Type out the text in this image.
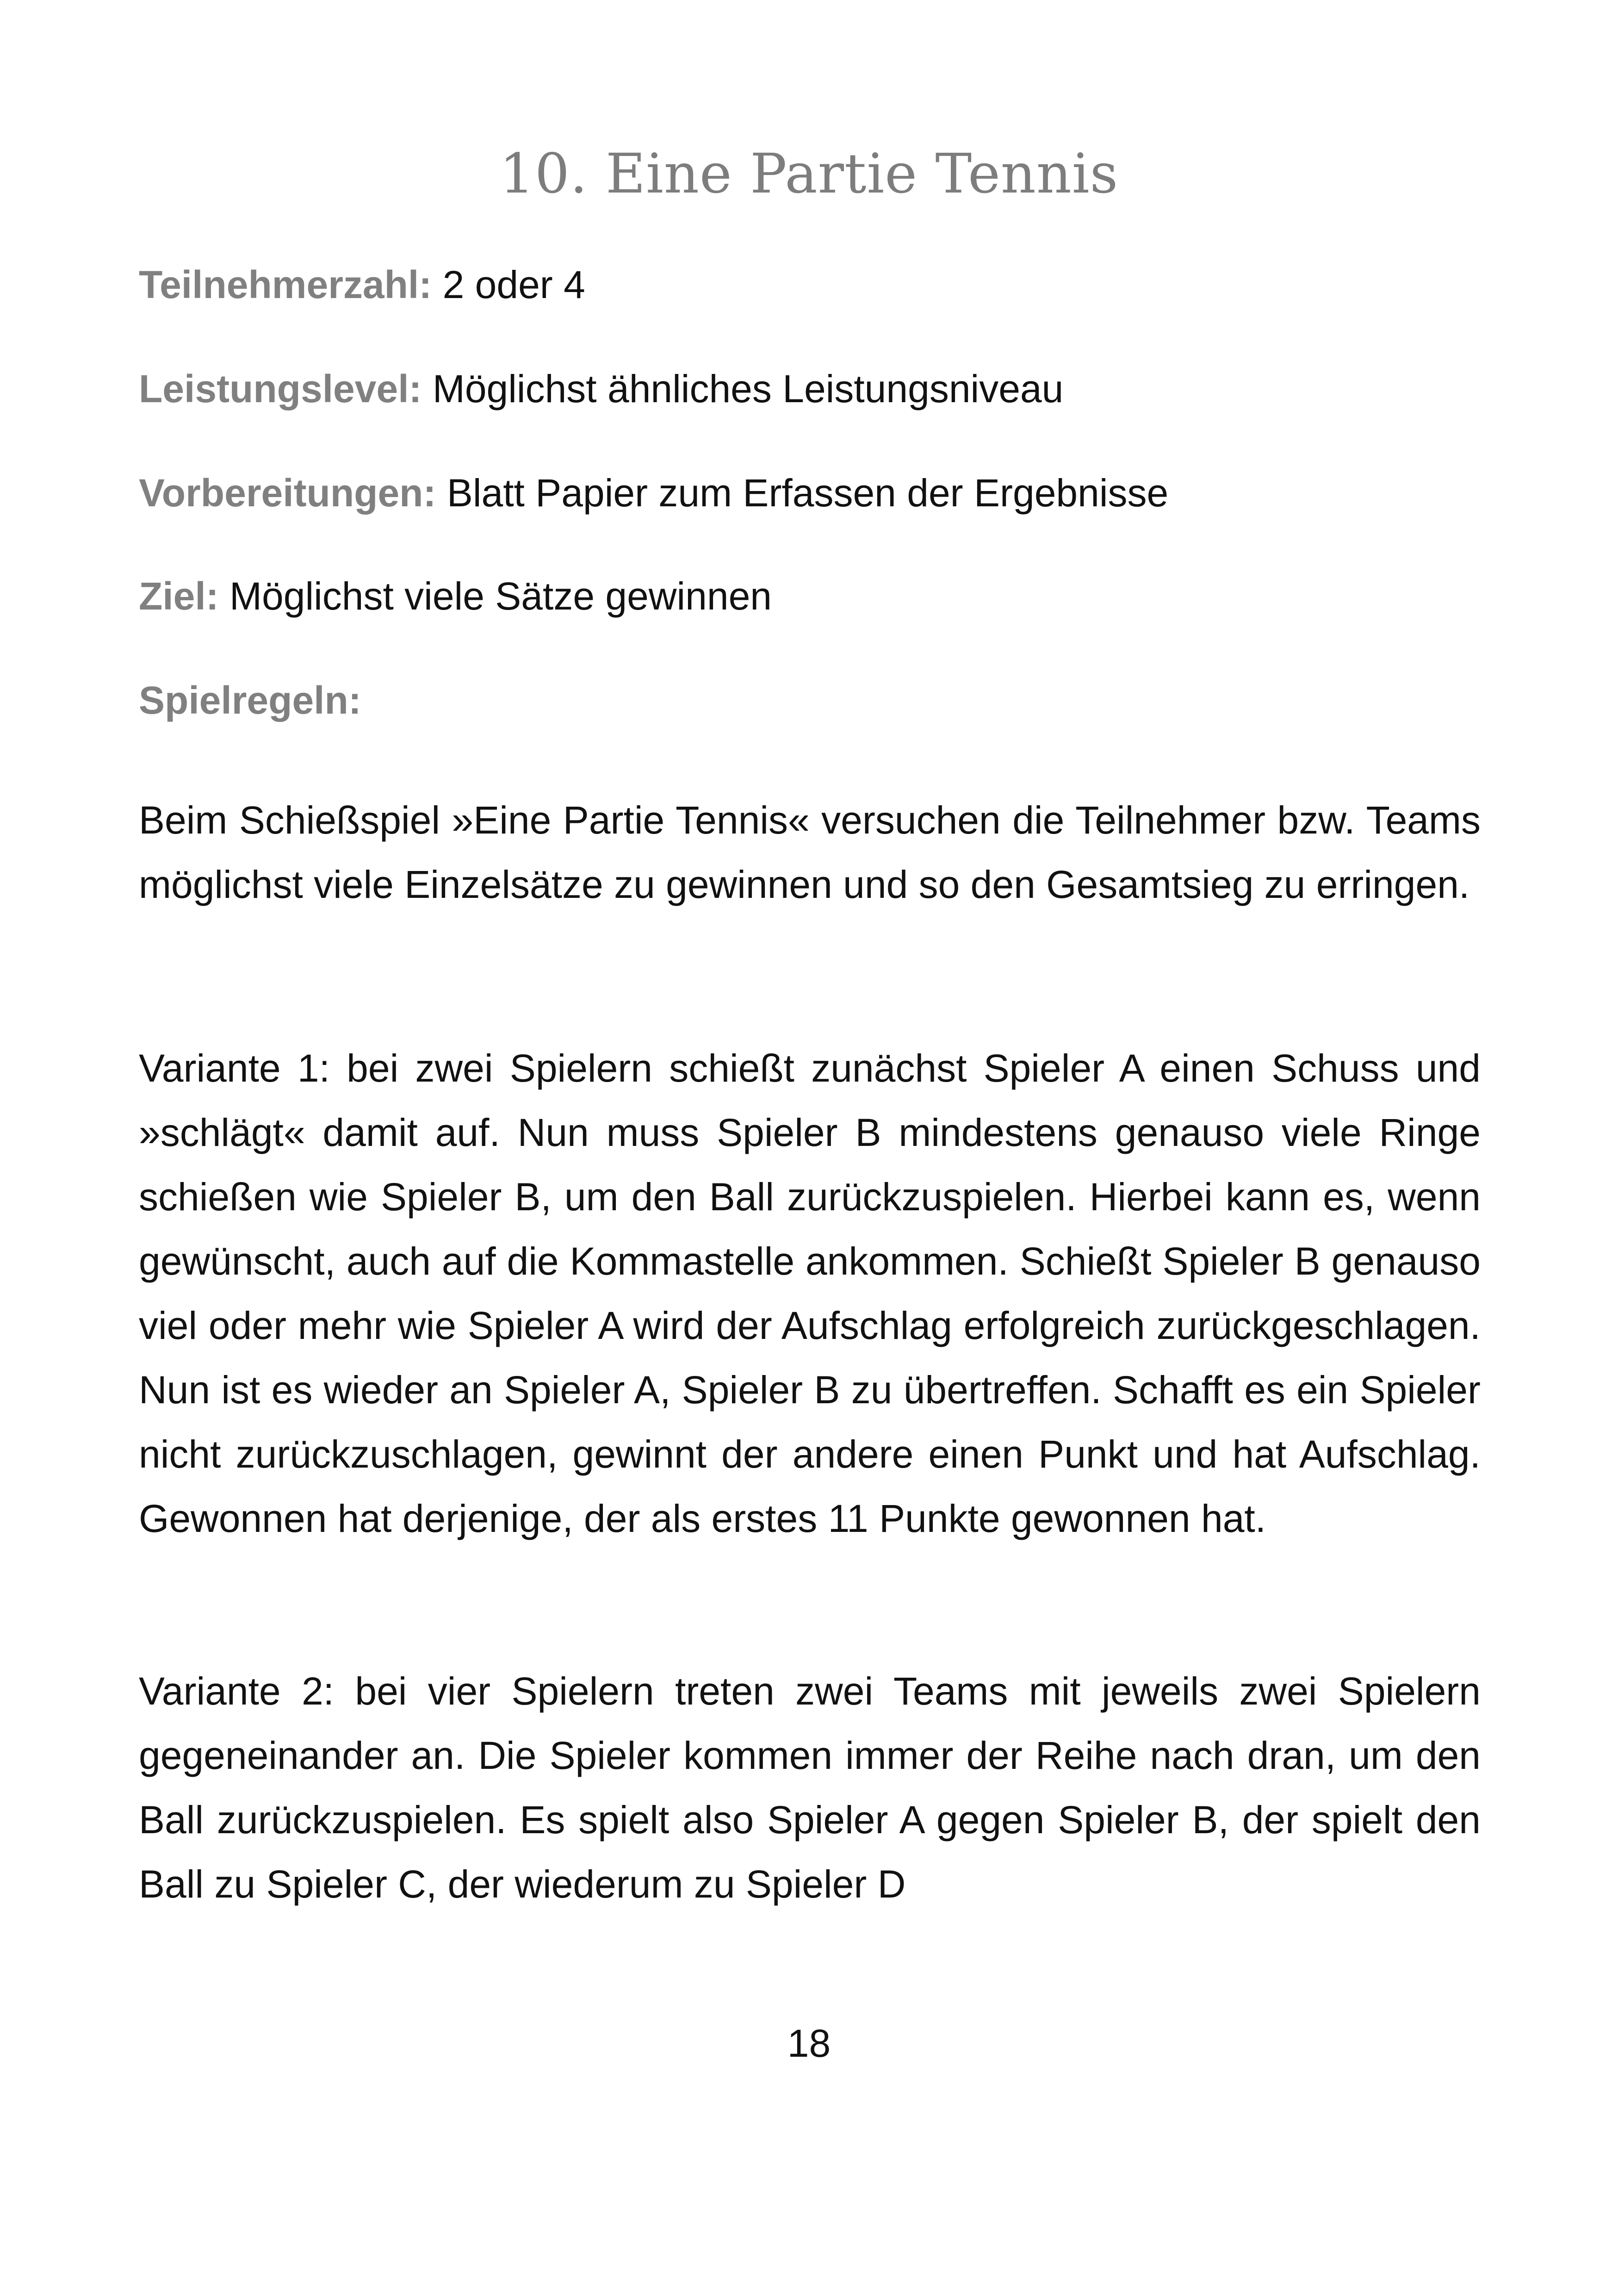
10. Eine Partie Tennis
Teilnehmerzahl: 2 oder 4
Leistungslevel: Möglichst ähnliches Leistungsniveau
Vorbereitungen: Blatt Papier zum Erfassen der Ergebnisse
Ziel: Möglichst viele Sätze gewinnen
Spielregeln:

Beim Schießspiel »Eine Partie Tennis« versuchen die Teilnehmer bzw. Teams möglichst viele Einzelsätze zu gewinnen und so den Gesamtsieg zu erringen.

Variante 1: bei zwei Spielern schießt zunächst Spieler A einen Schuss und »schlägt« damit auf. Nun muss Spieler B mindestens genauso viele Ringe schießen wie Spieler B, um den Ball zurückzuspielen. Hierbei kann es, wenn gewünscht, auch auf die Kommastelle ankommen. Schießt Spieler B genauso viel oder mehr wie Spieler A wird der Aufschlag erfolgreich zurückgeschlagen. Nun ist es wieder an Spieler A, Spieler B zu übertreffen. Schafft es ein Spieler nicht zurückzuschlagen, gewinnt der andere einen Punkt und hat Aufschlag. Gewonnen hat derjenige, der als erstes 11 Punkte gewonnen hat.

Variante 2: bei vier Spielern treten zwei Teams mit jeweils zwei Spielern gegeneinander an. Die Spieler kommen immer der Reihe nach dran, um den Ball zurückzuspielen. Es spielt also Spieler A gegen Spieler B, der spielt den Ball zu Spieler C, der wiederum zu Spieler D

18
